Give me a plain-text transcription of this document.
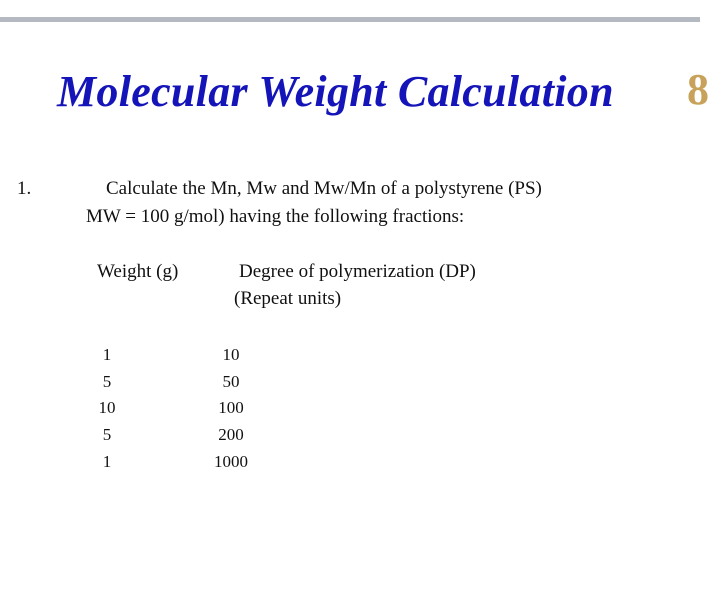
Molecular Weight Calculation 8
1.	Calculate the Mn, Mw and Mw/Mn of a polystyrene (PS)
MW = 100 g/mol) having the following fractions:
Weight (g)	Degree of polymerization (DP)
(Repeat units)
1
5
10
5
1
10
50
100
200
1000
